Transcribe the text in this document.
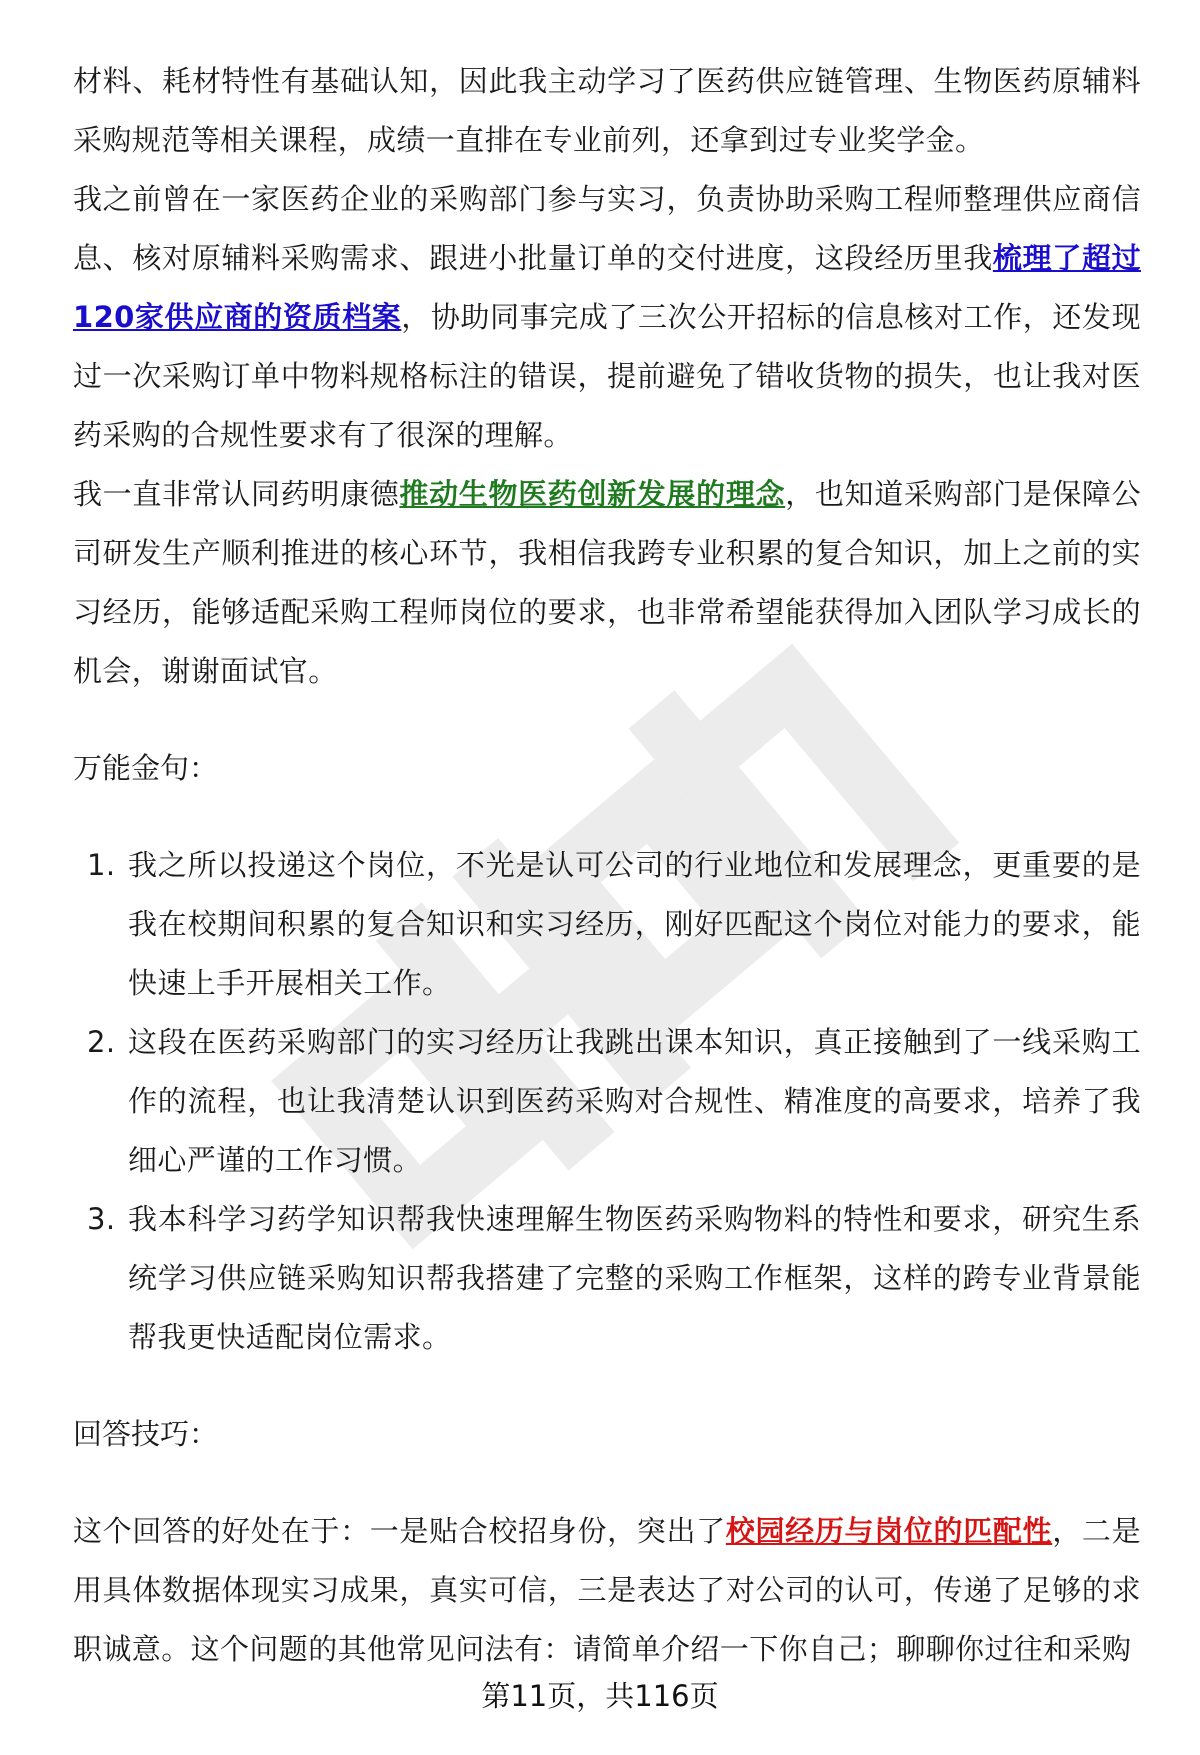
材料、耗材特性有基础认知，因此我主动学习了医药供应链管理、生物医药原辅料采购规范等相关课程，成绩一直排在专业前列，还拿到过专业奖学金。

我之前曾在一家医药企业的采购部门参与实习，负责协助采购工程师整理供应商信息、核对原辅料采购需求、跟进小批量订单的交付进度，这段经历里我梳理了超过120家供应商的资质档案，协助同事完成了三次公开招标的信息核对工作，还发现过一次采购订单中物料规格标注的错误，提前避免了错收货物的损失，也让我对医药采购的合规性要求有了很深的理解。

我一直非常认同药明康德推动生物医药创新发展的理念，也知道采购部门是保障公司研发生产顺利推进的核心环节，我相信我跨专业积累的复合知识，加上之前的实习经历，能够适配采购工程师岗位的要求，也非常希望能获得加入团队学习成长的机会，谢谢面试官。

万能金句：

1. 我之所以投递这个岗位，不光是认可公司的行业地位和发展理念，更重要的是我在校期间积累的复合知识和实习经历，刚好匹配这个岗位对能力的要求，能快速上手开展相关工作。
2. 这段在医药采购部门的实习经历让我跳出课本知识，真正接触到了一线采购工作的流程，也让我清楚认识到医药采购对合规性、精准度的高要求，培养了我细心严谨的工作习惯。
3. 我本科学习药学知识帮我快速理解生物医药采购物料的特性和要求，研究生系统学习供应链采购知识帮我搭建了完整的采购工作框架，这样的跨专业背景能帮我更快适配岗位需求。

回答技巧：

这个回答的好处在于：一是贴合校招身份，突出了校园经历与岗位的匹配性，二是用具体数据体现实习成果，真实可信，三是表达了对公司的认可，传递了足够的求职诚意。这个问题的其他常见问法有：请简单介绍一下你自己；聊聊你过往和采购

第11页，共116页
